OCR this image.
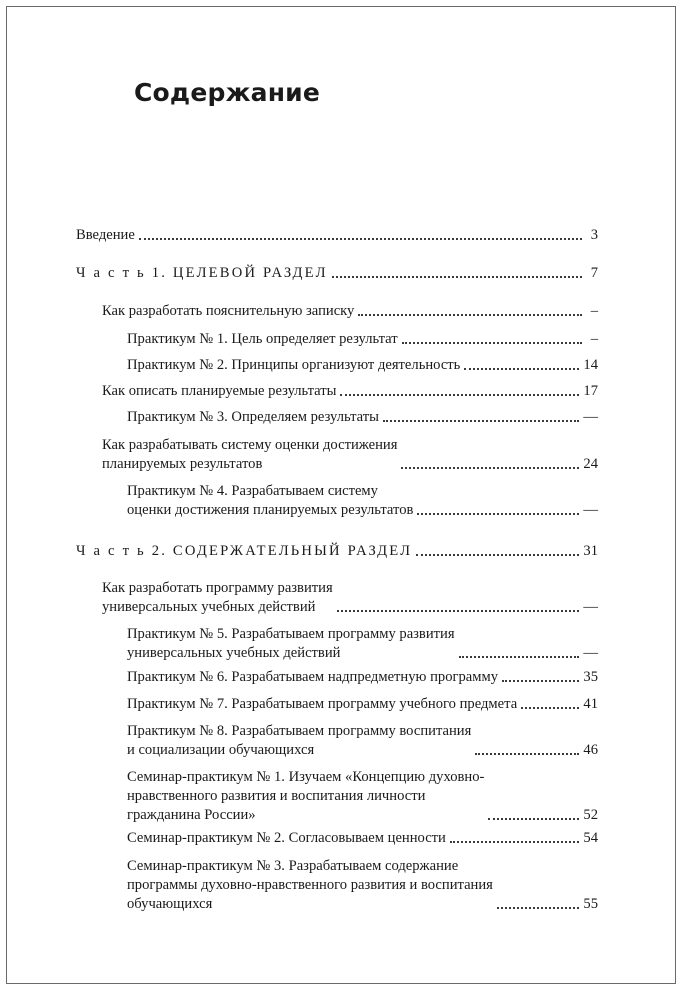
Содержание
Введение	3
Ч а с т ь 1. ЦЕЛЕВОЙ РАЗДЕЛ	7
Как разработать пояснительную записку	–
Практикум № 1. Цель определяет результат	–
Практикум № 2. Принципы организуют деятельность	14
Как описать планируемые результаты	17
Практикум № 3. Определяем результаты	—
Как разрабатывать систему оценки достижения
планируемых результатов	24
Практикум № 4. Разрабатываем систему
оценки достижения планируемых результатов	—
Ч а с т ь 2. СОДЕРЖАТЕЛЬНЫЙ РАЗДЕЛ	31
Как разработать программу развития
универсальных учебных действий	—
Практикум № 5. Разрабатываем программу развития
универсальных учебных действий	—
Практикум № 6. Разрабатываем надпредметную программу	35
Практикум № 7. Разрабатываем программу учебного предмета	41
Практикум № 8. Разрабатываем программу воспитания
и социализации обучающихся	46
Семинар-практикум № 1. Изучаем «Концепцию духовно-
нравственного развития и воспитания личности
гражданина России»	52
Семинар-практикум № 2. Согласовываем ценности	54
Семинар-практикум № 3. Разрабатываем содержание
программы духовно-нравственного развития и воспитания
обучающихся	55
